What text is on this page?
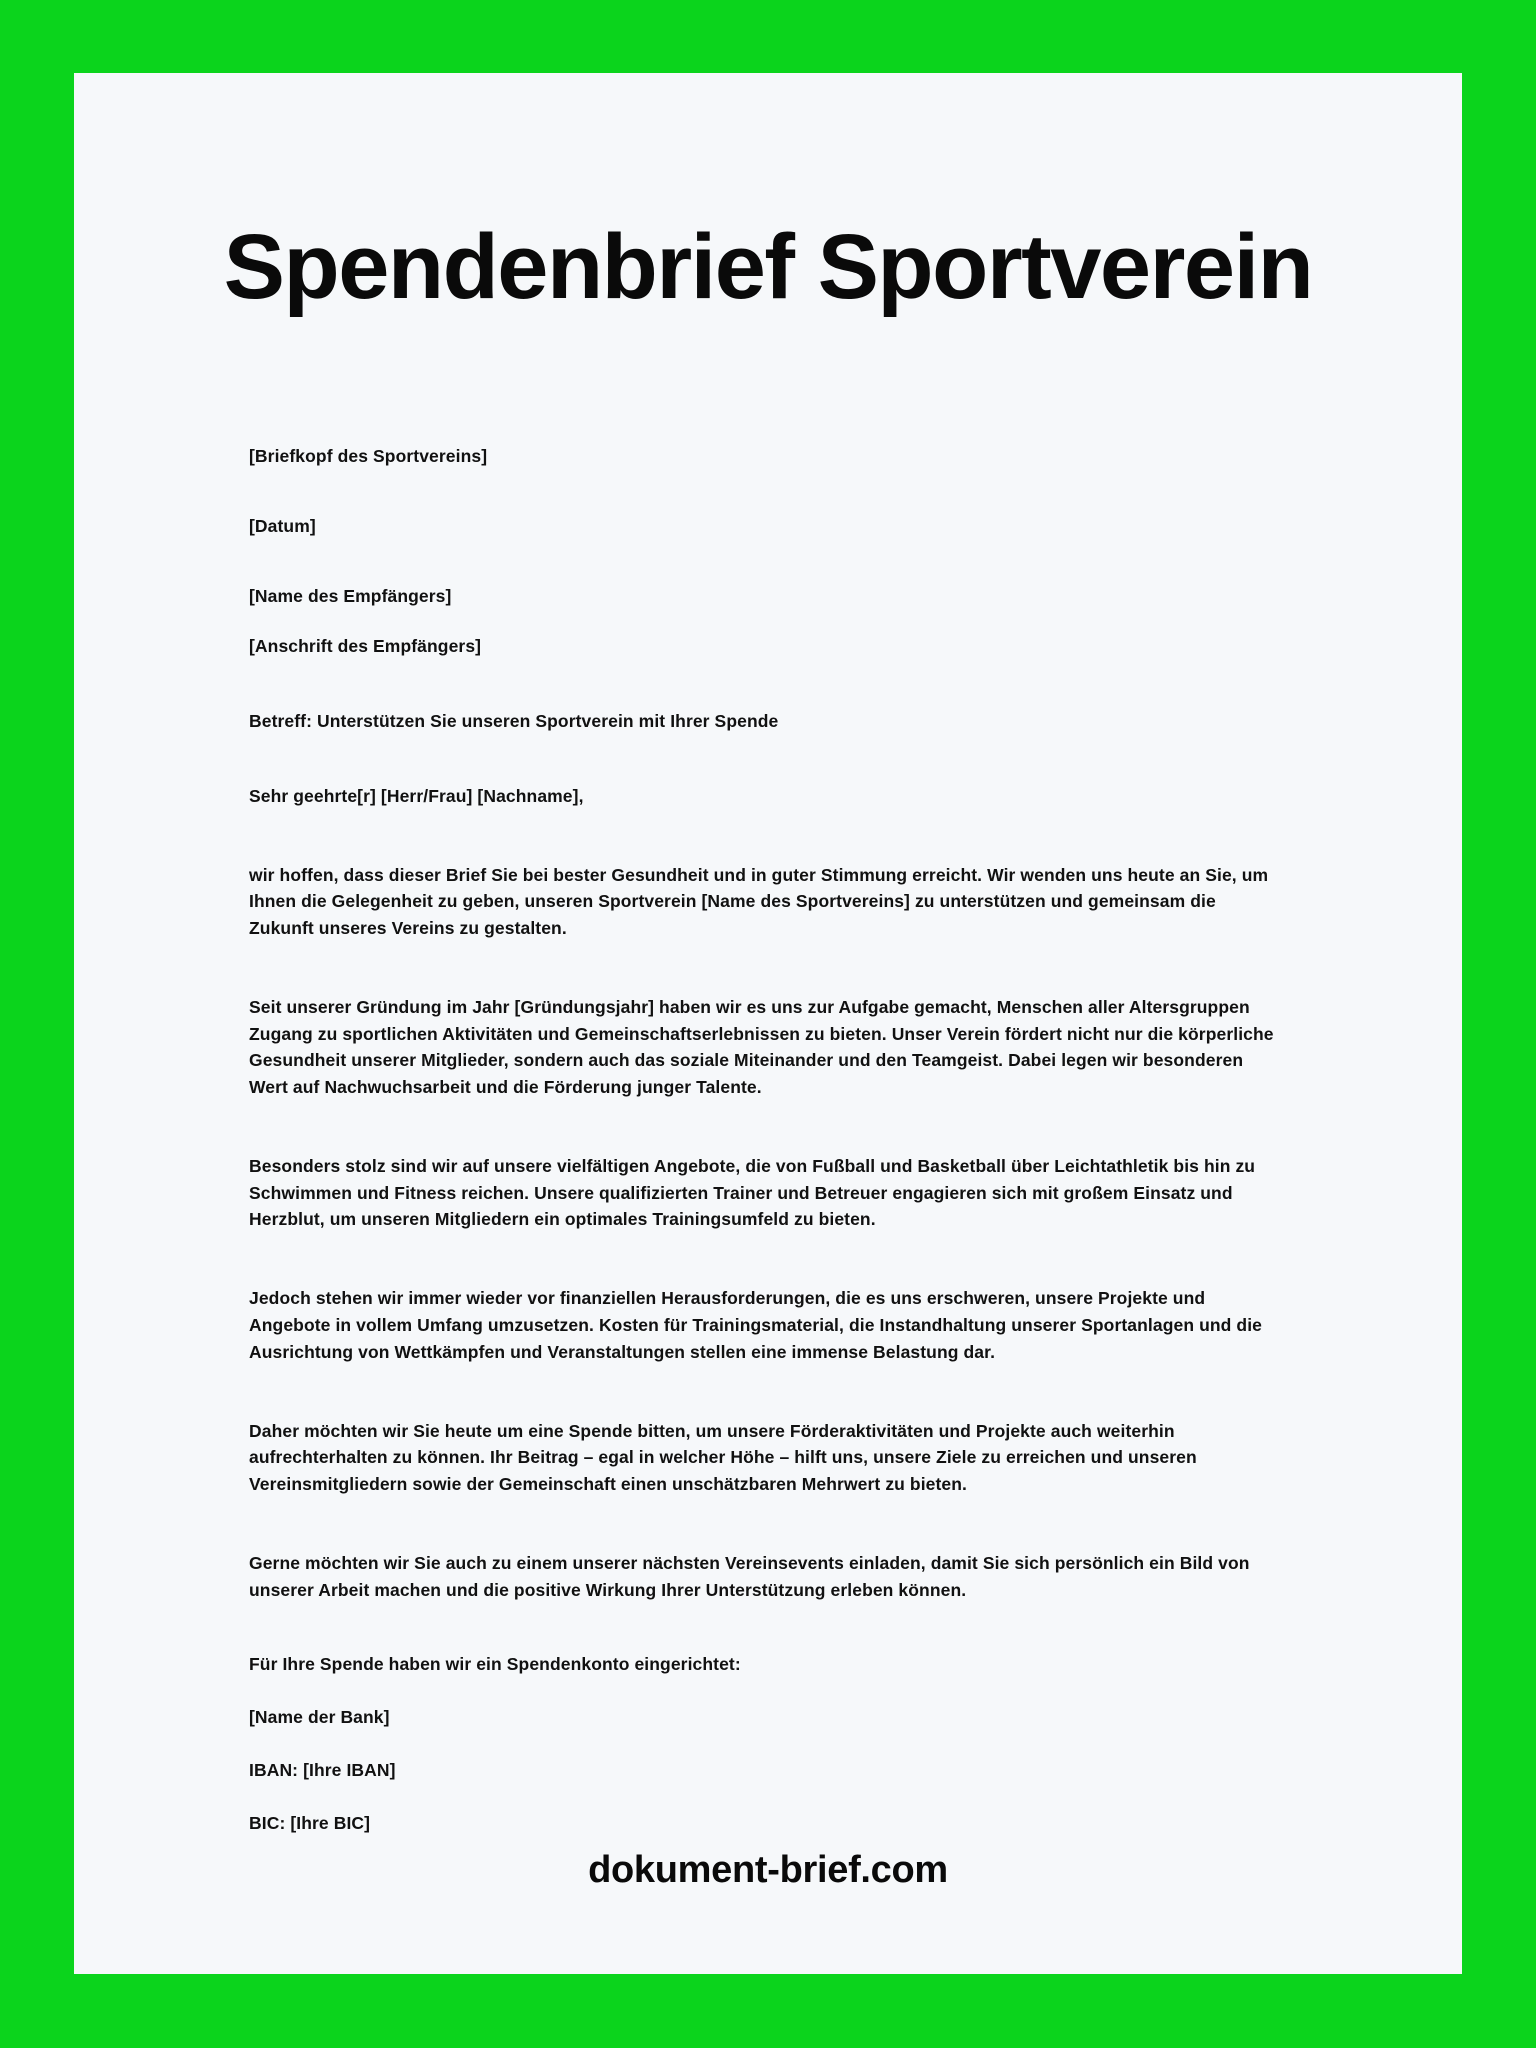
Spendenbrief Sportverein
[Briefkopf des Sportvereins]
[Datum]
[Name des Empfängers]
[Anschrift des Empfängers]
Betreff: Unterstützen Sie unseren Sportverein mit Ihrer Spende
Sehr geehrte[r] [Herr/Frau] [Nachname],
wir hoffen, dass dieser Brief Sie bei bester Gesundheit und in guter Stimmung erreicht. Wir wenden uns heute an Sie, um Ihnen die Gelegenheit zu geben, unseren Sportverein [Name des Sportvereins] zu unterstützen und gemeinsam die Zukunft unseres Vereins zu gestalten.
Seit unserer Gründung im Jahr [Gründungsjahr] haben wir es uns zur Aufgabe gemacht, Menschen aller Altersgruppen Zugang zu sportlichen Aktivitäten und Gemeinschaftserlebnissen zu bieten. Unser Verein fördert nicht nur die körperliche Gesundheit unserer Mitglieder, sondern auch das soziale Miteinander und den Teamgeist. Dabei legen wir besonderen Wert auf Nachwuchsarbeit und die Förderung junger Talente.
Besonders stolz sind wir auf unsere vielfältigen Angebote, die von Fußball und Basketball über Leichtathletik bis hin zu Schwimmen und Fitness reichen. Unsere qualifizierten Trainer und Betreuer engagieren sich mit großem Einsatz und Herzblut, um unseren Mitgliedern ein optimales Trainingsumfeld zu bieten.
Jedoch stehen wir immer wieder vor finanziellen Herausforderungen, die es uns erschweren, unsere Projekte und Angebote in vollem Umfang umzusetzen. Kosten für Trainingsmaterial, die Instandhaltung unserer Sportanlagen und die Ausrichtung von Wettkämpfen und Veranstaltungen stellen eine immense Belastung dar.
Daher möchten wir Sie heute um eine Spende bitten, um unsere Förderaktivitäten und Projekte auch weiterhin aufrechterhalten zu können. Ihr Beitrag – egal in welcher Höhe – hilft uns, unsere Ziele zu erreichen und unseren Vereinsmitgliedern sowie der Gemeinschaft einen unschätzbaren Mehrwert zu bieten.
Gerne möchten wir Sie auch zu einem unserer nächsten Vereinsevents einladen, damit Sie sich persönlich ein Bild von unserer Arbeit machen und die positive Wirkung Ihrer Unterstützung erleben können.
Für Ihre Spende haben wir ein Spendenkonto eingerichtet:
[Name der Bank]
IBAN: [Ihre IBAN]
BIC: [Ihre BIC]
dokument-brief.com
